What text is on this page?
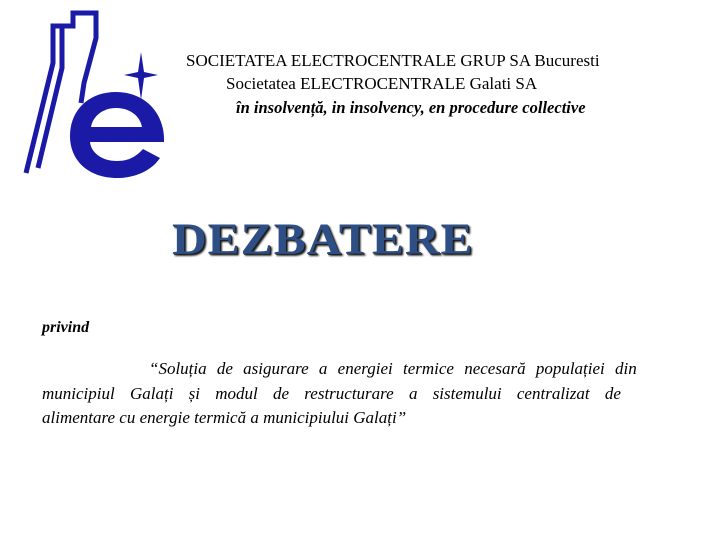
SOCIETATEA ELECTROCENTRALE GRUP SA Bucuresti
Societatea ELECTROCENTRALE Galati SA
în insolvență, in insolvency, en procedure collective
DEZBATERE
privind
“Soluția de asigurare a energiei termice necesară populației din
municipiul Galați și modul de restructurare a sistemului centralizat de
alimentare cu energie termică a municipiului Galați”
